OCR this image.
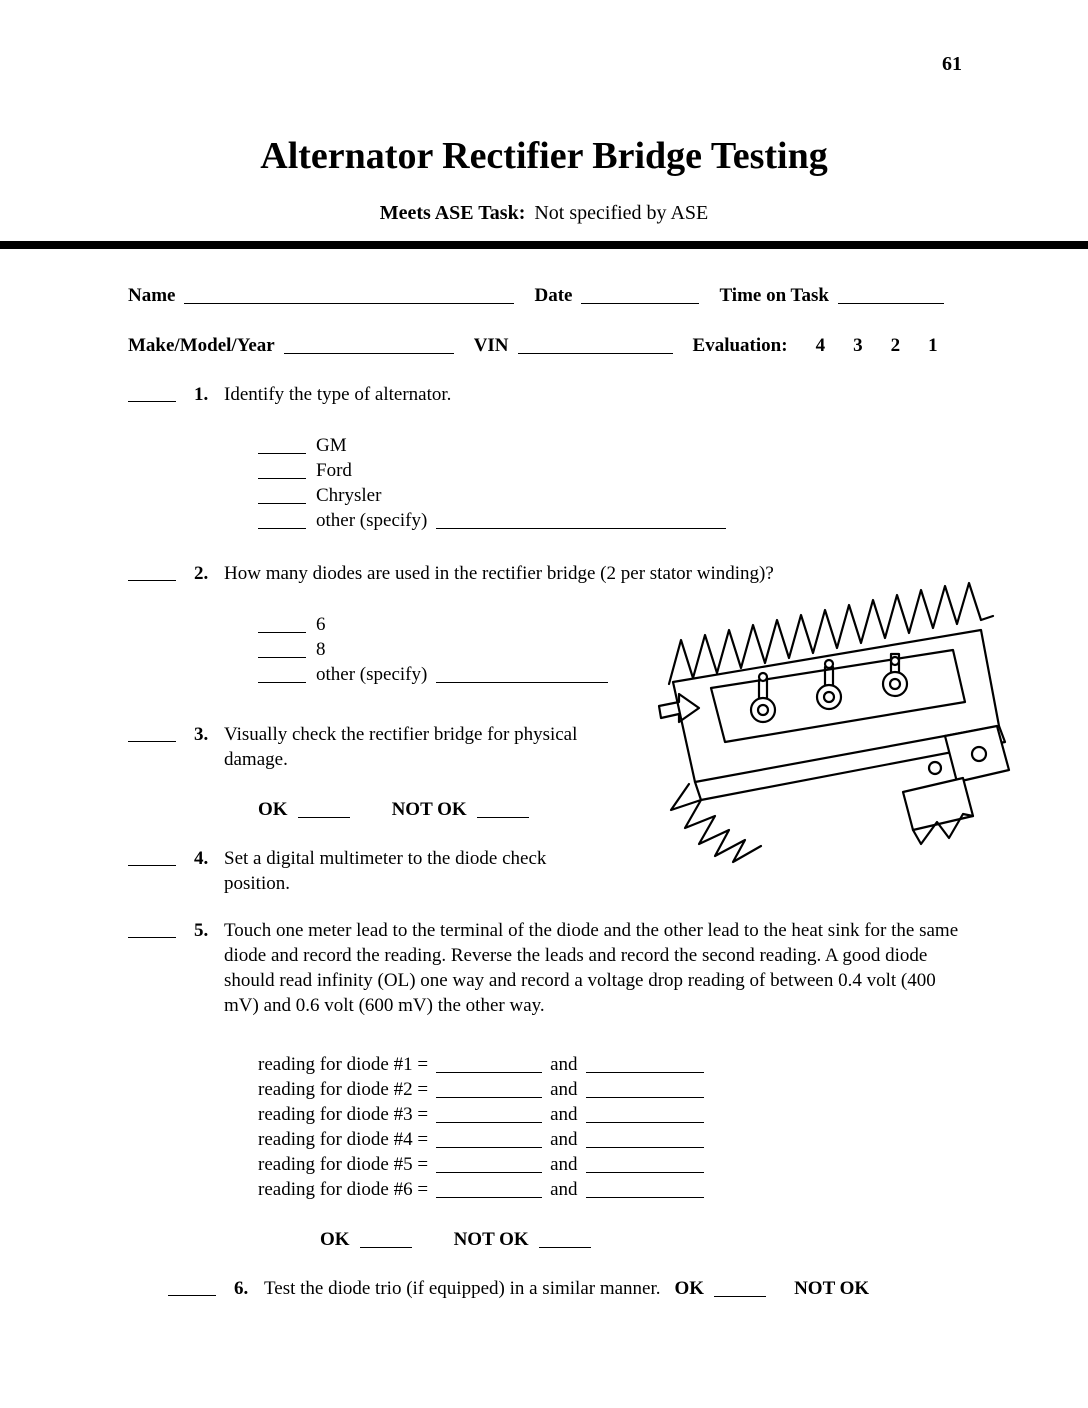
61
Alternator Rectifier Bridge Testing
Meets ASE Task: Not specified by ASE
Name	Date	Time on Task
Make/Model/Year	VIN	Evaluation: 4 3 2 1
1. Identify the type of alternator.
GM
Ford
Chrysler
other (specify)
2. How many diodes are used in the rectifier bridge (2 per stator winding)?
6
8
other (specify)
3. Visually check the rectifier bridge for physical damage.
OK	NOT OK
4. Set a digital multimeter to the diode check position.
5. Touch one meter lead to the terminal of the diode and the other lead to the heat sink for the same diode and record the reading. Reverse the leads and record the second reading. A good diode should read infinity (OL) one way and record a voltage drop reading of between 0.4 volt (400 mV) and 0.6 volt (600 mV) the other way.
reading for diode #1 =	and
reading for diode #2 =	and
reading for diode #3 =	and
reading for diode #4 =	and
reading for diode #5 =	and
reading for diode #6 =	and
OK	NOT OK
6. Test the diode trio (if equipped) in a similar manner. OK	NOT OK
